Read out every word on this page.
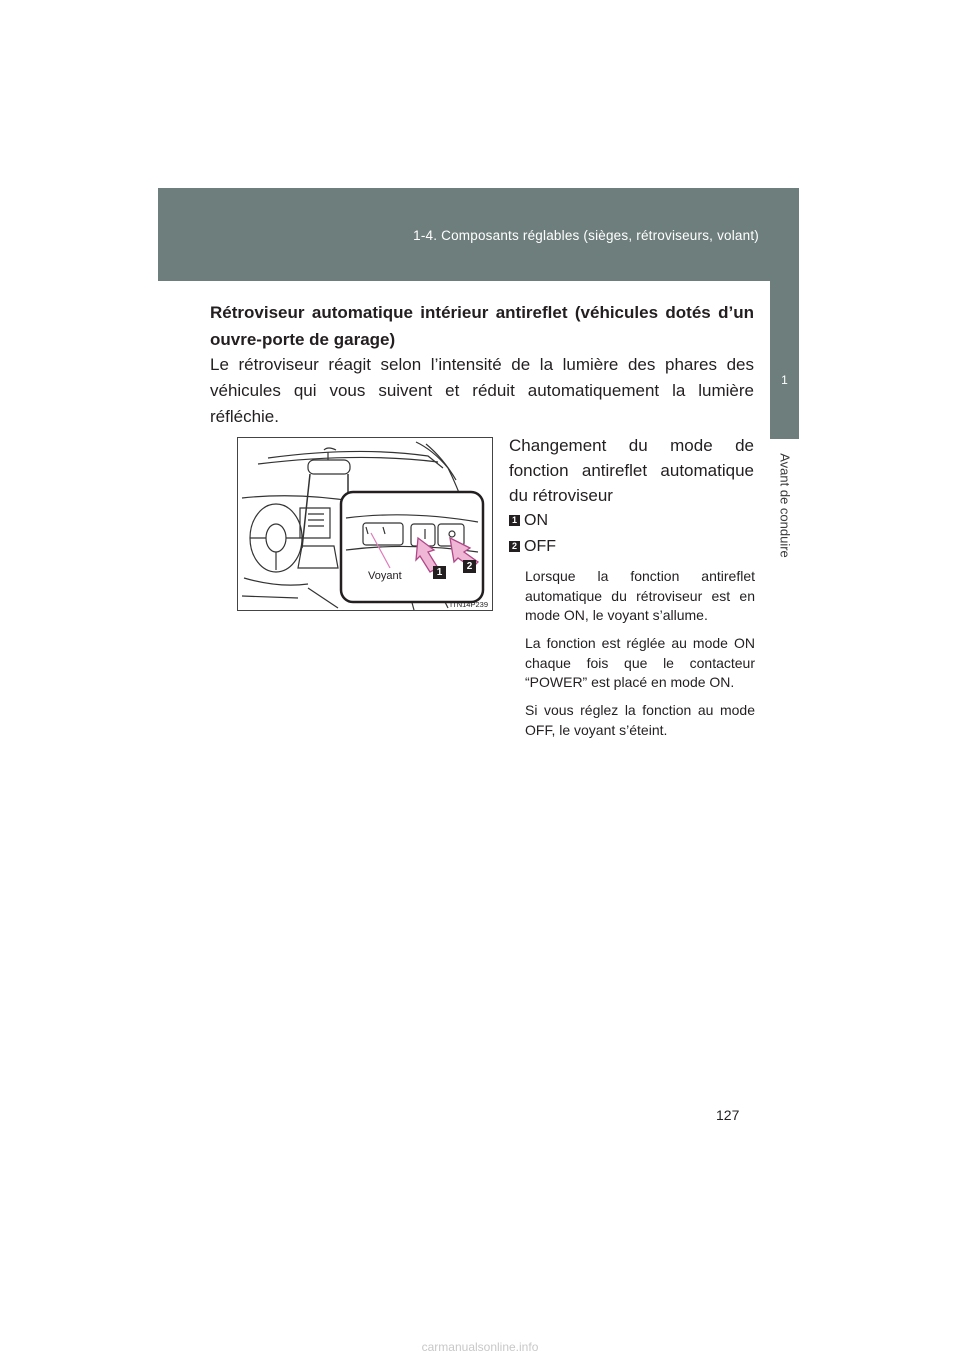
1-4. Composants réglables (sièges, rétroviseurs, volant)
1
Avant de conduire
Rétroviseur automatique intérieur antireflet (véhicules dotés d’un ouvre-porte de garage)
Le rétroviseur réagit selon l’intensité de la lumière des phares des véhicules qui vous suivent et réduit automatiquement la lumière réfléchie.
Voyant	1
2
ITN14P239
Changement du mode de fonction antireflet automatique du rétroviseur
1 ON
2 OFF
Lorsque la fonction antireflet automatique du rétroviseur est en mode ON, le voyant s’allume.
La fonction est réglée au mode ON chaque fois que le contacteur “POWER” est placé en mode ON.
Si vous réglez la fonction au mode OFF, le voyant s’éteint.
127
carmanualsonline.info
